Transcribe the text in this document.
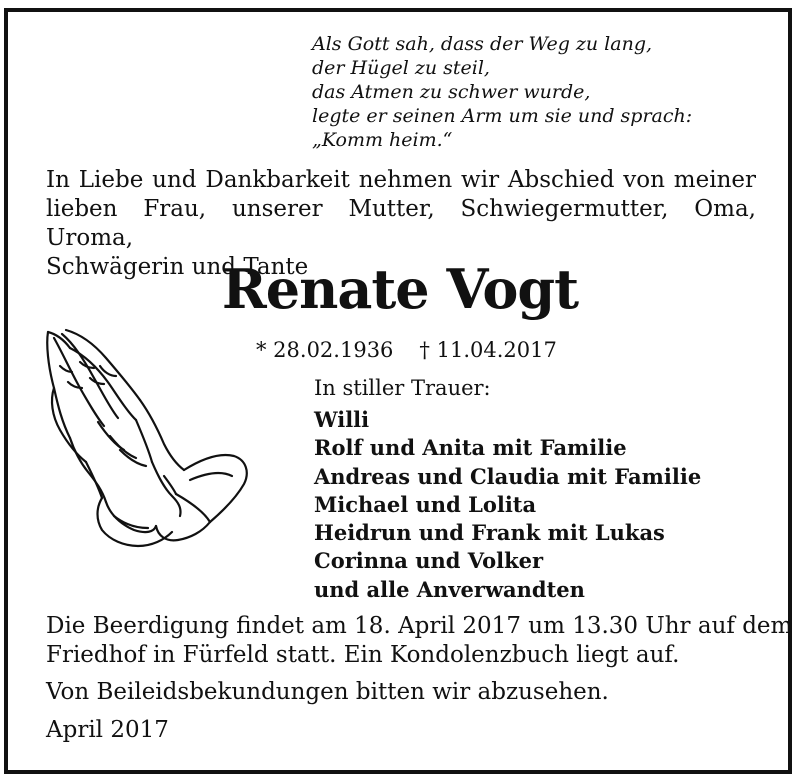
Als Gott sah, dass der Weg zu lang,
der Hügel zu steil,
das Atmen zu schwer wurde,
legte er seinen Arm um sie und sprach:
„Komm heim.“
In Liebe und Dankbarkeit nehmen wir Abschied von meiner
lieben Frau, unserer Mutter, Schwiegermutter, Oma, Uroma,
Schwägerin und Tante
Renate Vogt
* 28.02.1936 † 11.04.2017
In stiller Trauer:
Willi
Rolf und Anita mit Familie
Andreas und Claudia mit Familie
Michael und Lolita
Heidrun und Frank mit Lukas
Corinna und Volker
und alle Anverwandten
Die Beerdigung findet am 18. April 2017 um 13.30 Uhr auf dem
Friedhof in Fürfeld statt. Ein Kondolenzbuch liegt auf.
Von Beileidsbekundungen bitten wir abzusehen.
April 2017
